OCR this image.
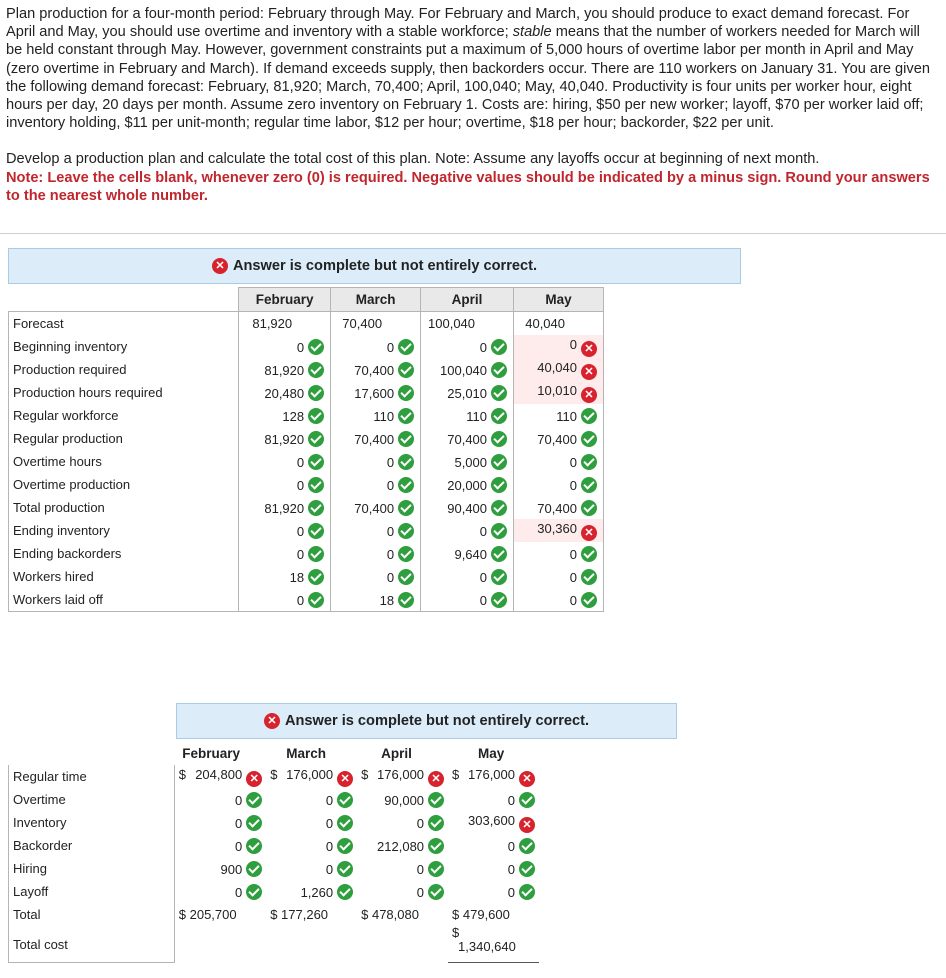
Plan production for a four-month period: February through May. For February and March, you should produce to exact demand forecast. For April and May, you should use overtime and inventory with a stable workforce; stable means that the number of workers needed for March will be held constant through May. However, government constraints put a maximum of 5,000 hours of overtime labor per month in April and May (zero overtime in February and March). If demand exceeds supply, then backorders occur. There are 110 workers on January 31. You are given the following demand forecast: February, 81,920; March, 70,400; April, 100,040; May, 40,040. Productivity is four units per worker hour, eight hours per day, 20 days per month. Assume zero inventory on February 1. Costs are: hiring, $50 per new worker; layoff, $70 per worker laid off; inventory holding, $11 per unit-month; regular time labor, $12 per hour; overtime, $18 per hour; backorder, $22 per unit.

Develop a production plan and calculate the total cost of this plan. Note: Assume any layoffs occur at beginning of next month.

Note: Leave the cells blank, whenever zero (0) is required. Negative values should be indicated by a minus sign. Round your answers to the nearest whole number.

✕ Answer is complete but not entirely correct.
	February	March	April	May
Forecast	81,920	70,400	100,040	40,040
Beginning inventory	0	0	0	0 ✕
Production required	81,920	70,400	100,040	40,040 ✕
Production hours required	20,480	17,600	25,010	10,010 ✕
Regular workforce	128	110	110	110
Regular production	81,920	70,400	70,400	70,400
Overtime hours	0	0	5,000	0
Overtime production	0	0	20,000	0
Total production	81,920	70,400	90,400	70,400
Ending inventory	0	0	0	30,360 ✕
Ending backorders	0	0	9,640	0
Workers hired	18	0	0	0
Workers laid off	0	18	0	0
✕ Answer is complete but not entirely correct.
	February	March	April	May
Regular time	$ 204,800 ✕	$ 176,000 ✕	$ 176,000 ✕	$ 176,000 ✕
Overtime	0	0	90,000	0
Inventory	0	0	0	303,600 ✕
Backorder	0	0	212,080	0
Hiring	900	0	0	0
Layoff	0	1,260	0	0
Total	$ 205,700	$ 177,260	$ 478,080	$ 479,600
Total cost				$
1,340,640
